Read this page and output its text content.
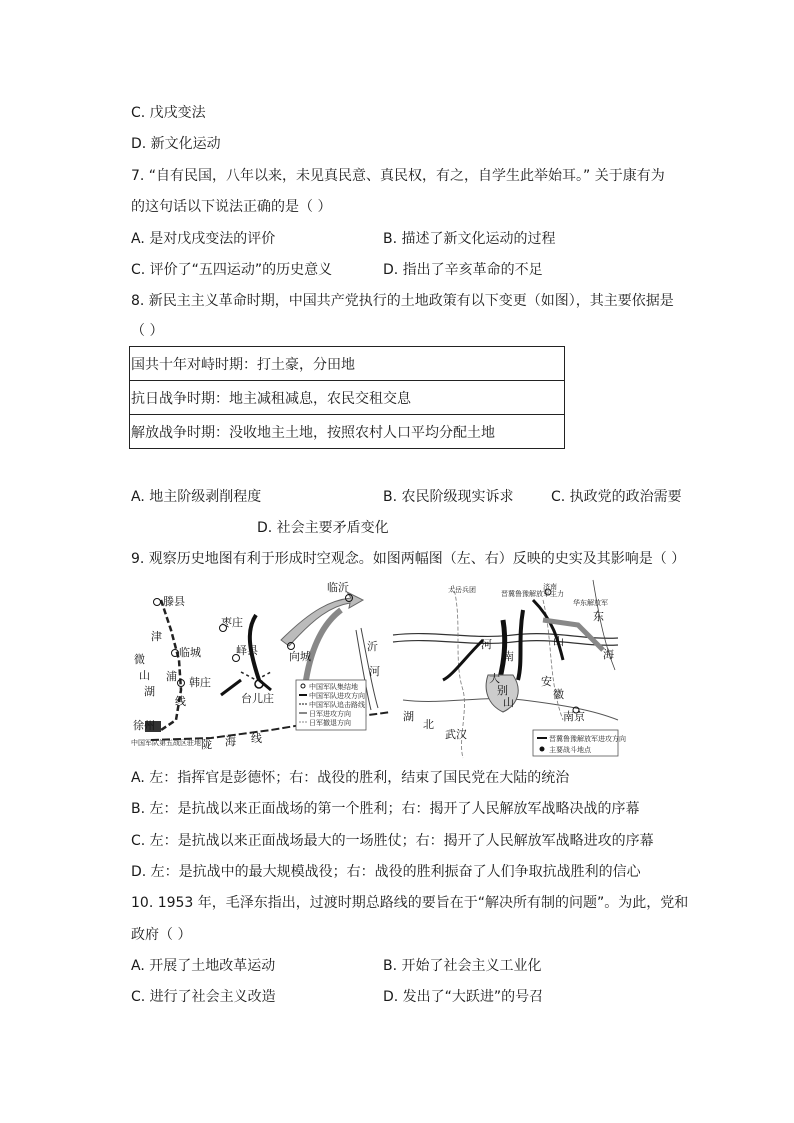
C. 戊戌变法
D. 新文化运动
7. “自有民国，八年以来，未见真民意、真民权，有之，自学生此举始耳。” 关于康有为
的这句话以下说法正确的是（ ）
A. 是对戊戌变法的评价	B. 描述了新文化运动的过程
C. 评价了“五四运动”的历史意义	D. 指出了辛亥革命的不足
8. 新民主主义革命时期，中国共产党执行的土地政策有以下变更（如图），其主要依据是
（ ）
国共十年对峙时期：打土豪，分田地
抗日战争时期：地主减租减息，农民交租交息
解放战争时期：没收地主土地，按照农村人口平均分配土地
A. 地主阶级剥削程度	B. 农民阶级现实诉求	C. 执政党的政治需要
D. 社会主要矛盾变化
9. 观察历史地图有利于形成时空观念。如图两幅图（左、右）反映的史实及其影响是（ ）
滕县
枣庄
临沂
临城	峄县	向城
韩庄
台儿庄
徐州
微
山
湖
津
浦
线
沂
河
陇 海 线
中国军队集结地
中国军队进攻方向
中国军队追击路线
日军进攻方向
日军撤退方向
中国军队第五战区驻地
济南
南京
太岳兵团	晋冀鲁豫解放军主力
华东解放军
大
别
山
湖
北
武汉
安
徽
河
南
东
海
山
晋冀鲁豫解放军进攻方向
主要战斗地点
A. 左：指挥官是彭德怀；右：战役的胜利，结束了国民党在大陆的统治
B. 左：是抗战以来正面战场的第一个胜利；右：揭开了人民解放军战略决战的序幕
C. 左：是抗战以来正面战场最大的一场胜仗；右：揭开了人民解放军战略进攻的序幕
D. 左：是抗战中的最大规模战役；右：战役的胜利振奋了人们争取抗战胜利的信心
10. 1953 年，毛泽东指出，过渡时期总路线的要旨在于“解决所有制的问题”。为此，党和
政府（ ）
A. 开展了土地改革运动	B. 开始了社会主义工业化
C. 进行了社会主义改造	D. 发出了“大跃进”的号召
